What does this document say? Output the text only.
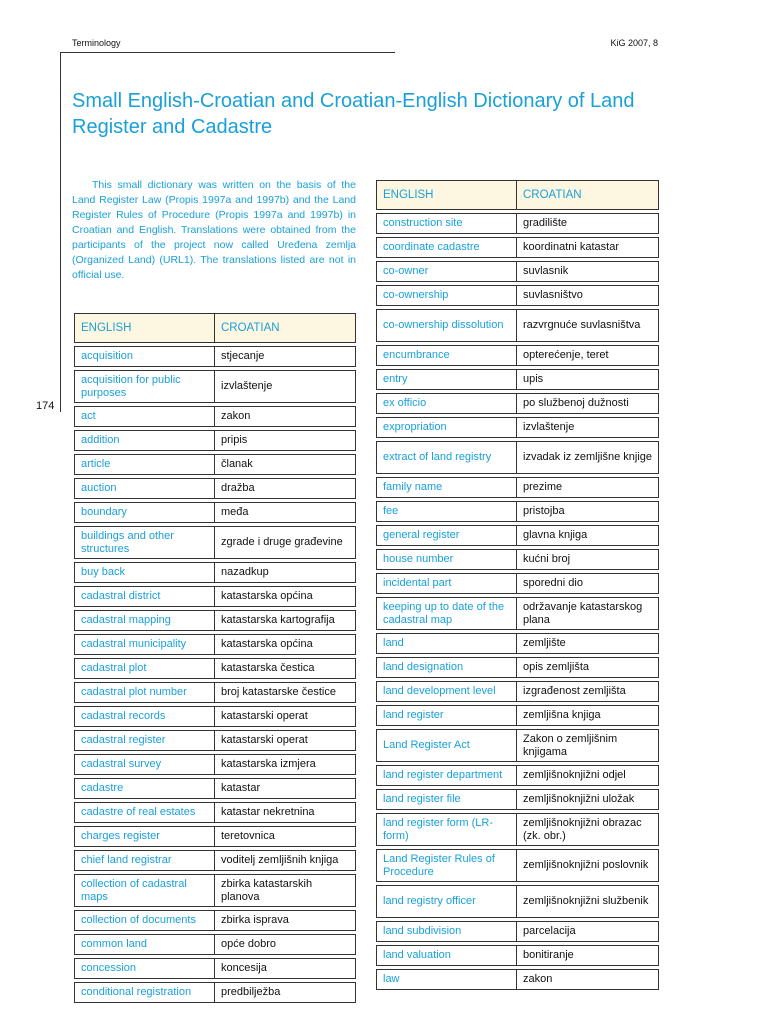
Terminology	KiG 2007, 8
174
Small English-Croatian and Croatian-English Dictionary of Land Register and Cadastre

This small dictionary was written on the basis of the Land Register Law (Propis 1997a and 1997b) and the Land Register Rules of Procedure (Propis 1997a and 1997b) in Croatian and English. Translations were obtained from the participants of the project now called Uređena zemlja (Organized Land) (URL1). The translations listed are not in official use.

ENGLISH	CROATIAN
acquisition	stjecanje
acquisition for public purposes	izvlaštenje
act	zakon
addition	pripis
article	članak
auction	dražba
boundary	međa
buildings and other structures	zgrade i druge građevine
buy back	nazadkup
cadastral district	katastarska općina
cadastral mapping	katastarska kartografija
cadastral municipality	katastarska općina
cadastral plot	katastarska čestica
cadastral plot number	broj katastarske čestice
cadastral records	katastarski operat
cadastral register	katastarski operat
cadastral survey	katastarska izmjera
cadastre	katastar
cadastre of real estates	katastar nekretnina
charges register	teretovnica
chief land registrar	voditelj zemljišnih knjiga
collection of cadastral maps	zbirka katastarskih planova
collection of documents	zbirka isprava
common land	opće dobro
concession	koncesija
conditional registration	predbilježba
ENGLISH	CROATIAN
construction site	gradilište
coordinate cadastre	koordinatni katastar
co-owner	suvlasnik
co-ownership	suvlasništvo
co-ownership dissolution	razvrgnuće suvlasništva
encumbrance	opterećenje, teret
entry	upis
ex officio	po službenoj dužnosti
expropriation	izvlaštenje
extract of land registry	izvadak iz zemljišne knjige
family name	prezime
fee	pristojba
general register	glavna knjiga
house number	kućni broj
incidental part	sporedni dio
keeping up to date of the cadastral map	održavanje katastarskog plana
land	zemljište
land designation	opis zemljišta
land development level	izgrađenost zemljišta
land register	zemljišna knjiga
Land Register Act	Zakon o zemljišnim knjigama
land register department	zemljišnoknjižni odjel
land register file	zemljišnoknjižni uložak
land register form (LR-form)	zemljišnoknjižni obrazac (zk. obr.)
Land Register Rules of Procedure	zemljišnoknjižni poslovnik
land registry officer	zemljišnoknjižni službenik
land subdivision	parcelacija
land valuation	bonitiranje
law	zakon
